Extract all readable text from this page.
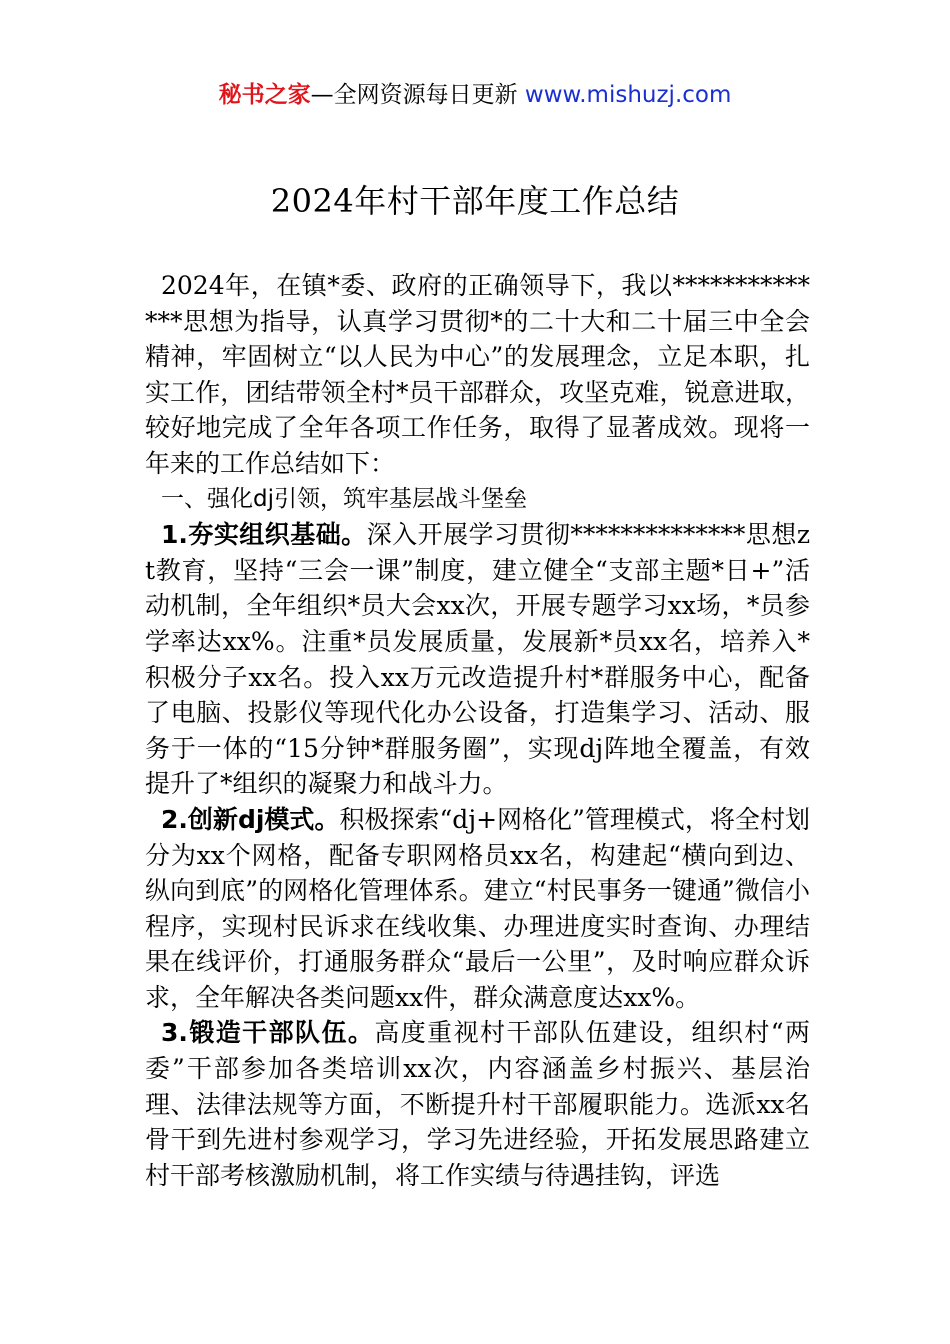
秘书之家—全网资源每日更新 www.mishuzj.com
2024年村干部年度工作总结

2024年，在镇*委、政府的正确领导下，我以**************思想为指导，认真学习贯彻*的二十大和二十届三中全会精神，牢固树立“以人民为中心”的发展理念，立足本职，扎实工作，团结带领全村*员干部群众，攻坚克难，锐意进取，较好地完成了全年各项工作任务，取得了显著成效。现将一年来的工作总结如下：

一、强化dj引领，筑牢基层战斗堡垒

1.夯实组织基础。深入开展学习贯彻**************思想zt教育，坚持“三会一课”制度，建立健全“支部主题*日+”活动机制，全年组织*员大会xx次，开展专题学习xx场，*员参学率达xx%。注重*员发展质量，发展新*员xx名，培养入*积极分子xx名。投入xx万元改造提升村*群服务中心，配备了电脑、投影仪等现代化办公设备，打造集学习、活动、服务于一体的“15分钟*群服务圈”，实现dj阵地全覆盖，有效提升了*组织的凝聚力和战斗力。

2.创新dj模式。积极探索“dj+网格化”管理模式，将全村划分为xx个网格，配备专职网格员xx名，构建起“横向到边、纵向到底”的网格化管理体系。建立“村民事务一键通”微信小程序，实现村民诉求在线收集、办理进度实时查询、办理结果在线评价，打通服务群众“最后一公里”，及时响应群众诉求，全年解决各类问题xx件，群众满意度达xx%。

3.锻造干部队伍。高度重视村干部队伍建设，组织村“两委”干部参加各类培训xx次，内容涵盖乡村振兴、基层治理、法律法规等方面，不断提升村干部履职能力。选派xx名骨干到先进村参观学习，学习先进经验，开拓发展思路建立村干部考核激励机制，将工作实绩与待遇挂钩，评选
